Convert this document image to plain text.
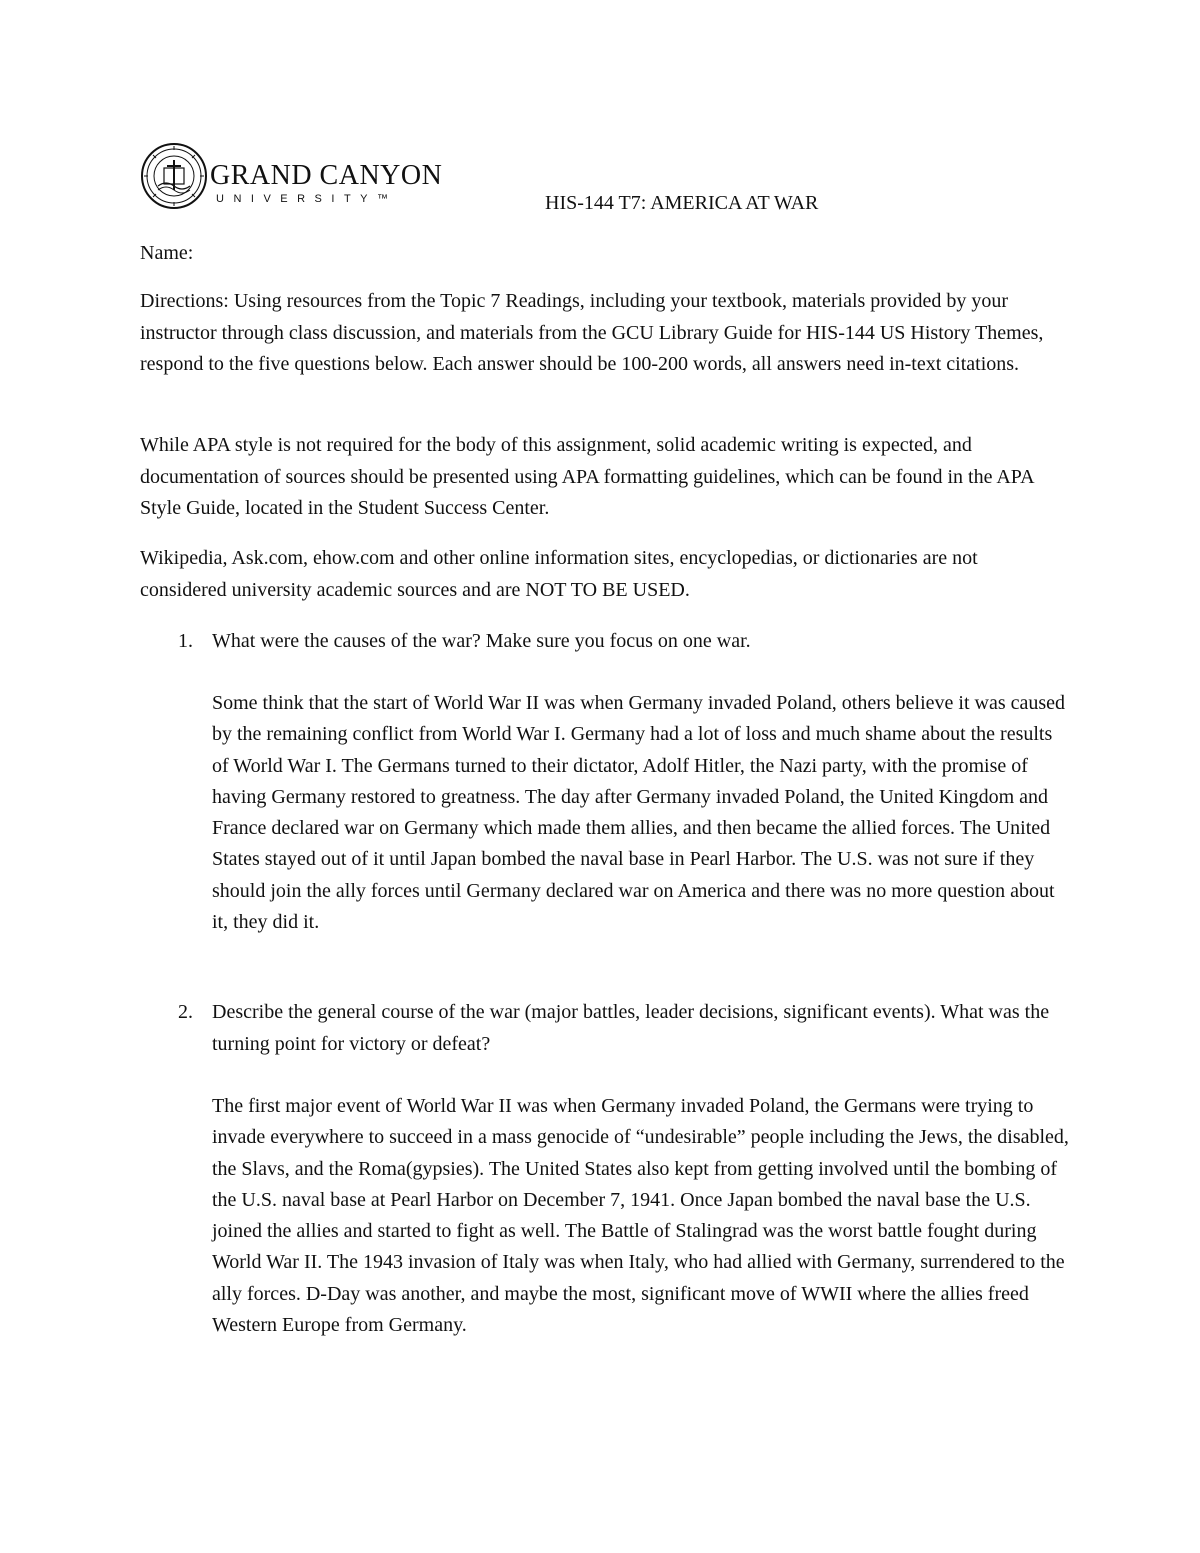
GRAND CANYON
UNIVERSITY™	HIS-144 T7: AMERICA AT WAR
Name:

Directions: Using resources from the Topic 7 Readings, including your textbook, materials provided by your instructor through class discussion, and materials from the GCU Library Guide for HIS-144 US History Themes, respond to the five questions below. Each answer should be 100-200 words, all answers need in-text citations.

While APA style is not required for the body of this assignment, solid academic writing is expected, and documentation of sources should be presented using APA formatting guidelines, which can be found in the APA Style Guide, located in the Student Success Center.

Wikipedia, Ask.com, ehow.com and other online information sites, encyclopedias, or dictionaries are not considered university academic sources and are NOT TO BE USED.

1. What were the causes of the war? Make sure you focus on one war.

Some think that the start of World War II was when Germany invaded Poland, others believe it was caused by the remaining conflict from World War I. Germany had a lot of loss and much shame about the results of World War I. The Germans turned to their dictator, Adolf Hitler, the Nazi party, with the promise of having Germany restored to greatness. The day after Germany invaded Poland, the United Kingdom and France declared war on Germany which made them allies, and then became the allied forces. The United States stayed out of it until Japan bombed the naval base in Pearl Harbor. The U.S. was not sure if they should join the ally forces until Germany declared war on America and there was no more question about it, they did it.

2. Describe the general course of the war (major battles, leader decisions, significant events). What was the turning point for victory or defeat?

The first major event of World War II was when Germany invaded Poland, the Germans were trying to invade everywhere to succeed in a mass genocide of “undesirable” people including the Jews, the disabled, the Slavs, and the Roma(gypsies). The United States also kept from getting involved until the bombing of the U.S. naval base at Pearl Harbor on December 7, 1941. Once Japan bombed the naval base the U.S. joined the allies and started to fight as well. The Battle of Stalingrad was the worst battle fought during World War II. The 1943 invasion of Italy was when Italy, who had allied with Germany, surrendered to the ally forces. D-Day was another, and maybe the most, significant move of WWII where the allies freed Western Europe from Germany.
